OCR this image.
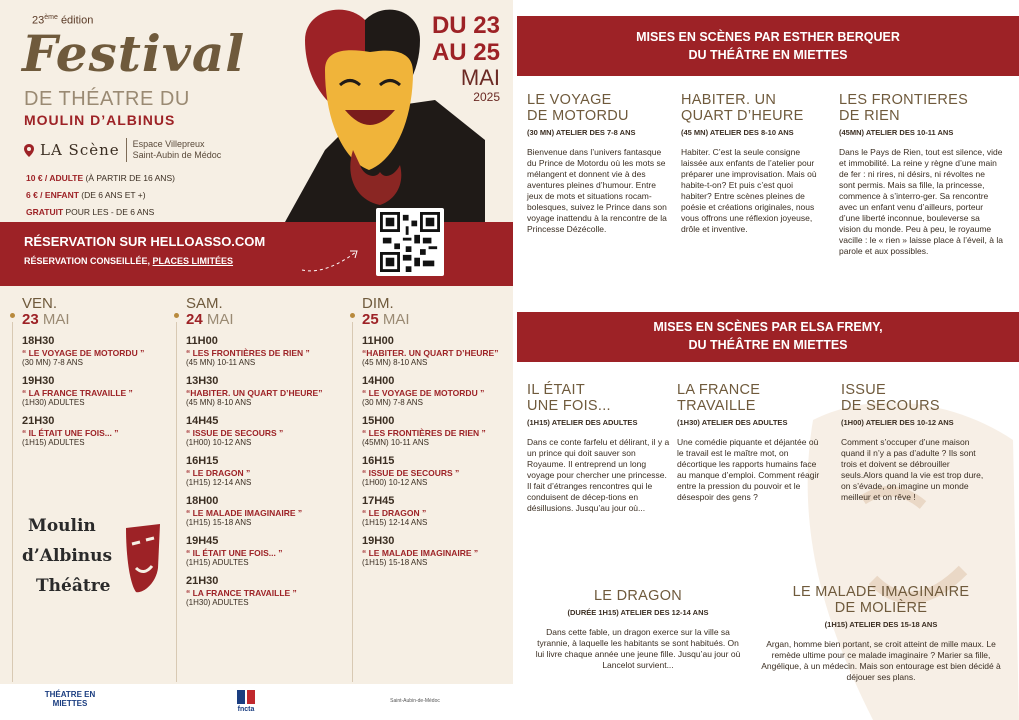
23ème édition
Festival
DE THÉATRE DU
MOULIN D’ALBINUS
LA Scène Espace Villepreux
Saint-Aubin de Médoc
10 € / ADULTE (À PARTIR DE 16 ANS)
6 € / ENFANT (DE 6 ANS ET +)
GRATUIT POUR LES - DE 6 ANS
DU 23
AU 25
MAI
2025
RÉSERVATION SUR HELLOASSO.COM
RÉSERVATION CONSEILLÉE, PLACES LIMITÉES
VEN.
23 MAI
18H30
“ LE VOYAGE DE MOTORDU ”
(30 MN) 7-8 ANS
19H30
“ LA FRANCE TRAVAILLE ”
(1H30) ADULTES
21H30
“ IL ÉTAIT UNE FOIS... ”
(1H15) ADULTES
SAM.
24 MAI
11H00
“ LES FRONTIÈRES DE RIEN ”
(45 MN) 10-11 ANS
13H30
“HABITER. UN QUART D’HEURE”
(45 MN) 8-10 ANS
14H45
“ ISSUE DE SECOURS ”
(1H00) 10-12 ANS
16H15
“ LE DRAGON ”
(1H15) 12-14 ANS
18H00
“ LE MALADE IMAGINAIRE ”
(1H15) 15-18 ANS
19H45
“ IL ÉTAIT UNE FOIS... ”
(1H15) ADULTES
21H30
“ LA FRANCE TRAVAILLE ”
(1H30) ADULTES
DIM.
25 MAI
11H00
“HABITER. UN QUART D’HEURE”
(45 MN) 8-10 ANS
14H00
“ LE VOYAGE DE MOTORDU ”
(30 MN) 7-8 ANS
15H00
“ LES FRONTIÈRES DE RIEN ”
(45MN) 10-11 ANS
16H15
“ ISSUE DE SECOURS ”
(1H00) 10-12 ANS
17H45
“ LE DRAGON ”
(1H15) 12-14 ANS
19H30
“ LE MALADE IMAGINAIRE ”
(1H15) 15-18 ANS
Moulin
d’Albinus
Théâtre
THÉATRE EN MIETTES
fncta
Saint-Aubin-de-Médoc
MISES EN SCÈNES PAR ESTHER BERQUER
DU THÉÂTRE EN MIETTES
LE VOYAGE
DE MOTORDU
(30 MN) ATELIER DES 7-8 ANS
Bienvenue dans l’univers fantasque du Prince de Motordu où les mots se mélangent et donnent vie à des aventures pleines d’humour. Entre jeux de mots et situations rocam-bolesques, suivez le Prince dans son voyage inattendu à la rencontre de la Princesse Dézécolle.
HABITER. UN
QUART D’HEURE
(45 MN) ATELIER DES 8-10 ANS
Habiter. C’est la seule consigne laissée aux enfants de l’atelier pour préparer une improvisation. Mais où habite-t-on? Et puis c’est quoi habiter? Entre scènes pleines de poésie et créations originales, nous vous offrons une réflexion joyeuse, drôle et inventive.
LES FRONTIERES
DE RIEN
(45MN) ATELIER DES 10-11 ANS
Dans le Pays de Rien, tout est silence, vide et immobilité. La reine y règne d’une main de fer : ni rires, ni désirs, ni révoltes ne sont permis. Mais sa fille, la princesse, commence à s’interro-ger. Sa rencontre avec un enfant venu d’ailleurs, porteur d’une liberté inconnue, bouleverse sa vision du monde. Peu à peu, le royaume vacille : le « rien » laisse place à l’éveil, à la parole et aux possibles.
MISES EN SCÈNES PAR ELSA FREMY,
DU THÉÂTRE EN MIETTES
IL ÉTAIT
UNE FOIS...
(1H15) ATELIER DES ADULTES
Dans ce conte farfelu et délirant, il y a un prince qui doit sauver son Royaume. Il entreprend un long voyage pour chercher une princesse. Il fait d’étranges rencontres qui le conduisent de décep-tions en désillusions. Jusqu’au jour où...
LA FRANCE
TRAVAILLE
(1H30) ATELIER DES ADULTES
Une comédie piquante et déjantée où le travail est le maître mot, on décortique les rapports humains face au manque d’emploi. Comment réagir entre la pression du pouvoir et le désespoir des gens ?
ISSUE
DE SECOURS
(1H00) ATELIER DES 10-12 ANS
Comment s’occuper d’une maison quand il n’y a pas d’adulte ? Ils sont trois et doivent se débrouiller seuls.Alors quand la vie est trop dure, on s’évade, on imagine un monde meilleur et on rêve !
LE DRAGON
(DURÉE 1H15) ATELIER DES 12-14 ANS
Dans cette fable, un dragon exerce sur la ville sa tyrannie, à laquelle les habitants se sont habitués. On lui livre chaque année une jeune fille. Jusqu’au jour où Lancelot survient...
LE MALADE IMAGINAIRE
DE MOLIÈRE
(1H15) ATELIER DES 15-18 ANS
Argan, homme bien portant, se croit atteint de mille maux. Le remède ultime pour ce malade imaginaire ? Marier sa fille, Angélique, à un médecin. Mais son entourage est bien décidé à déjouer ses plans.
